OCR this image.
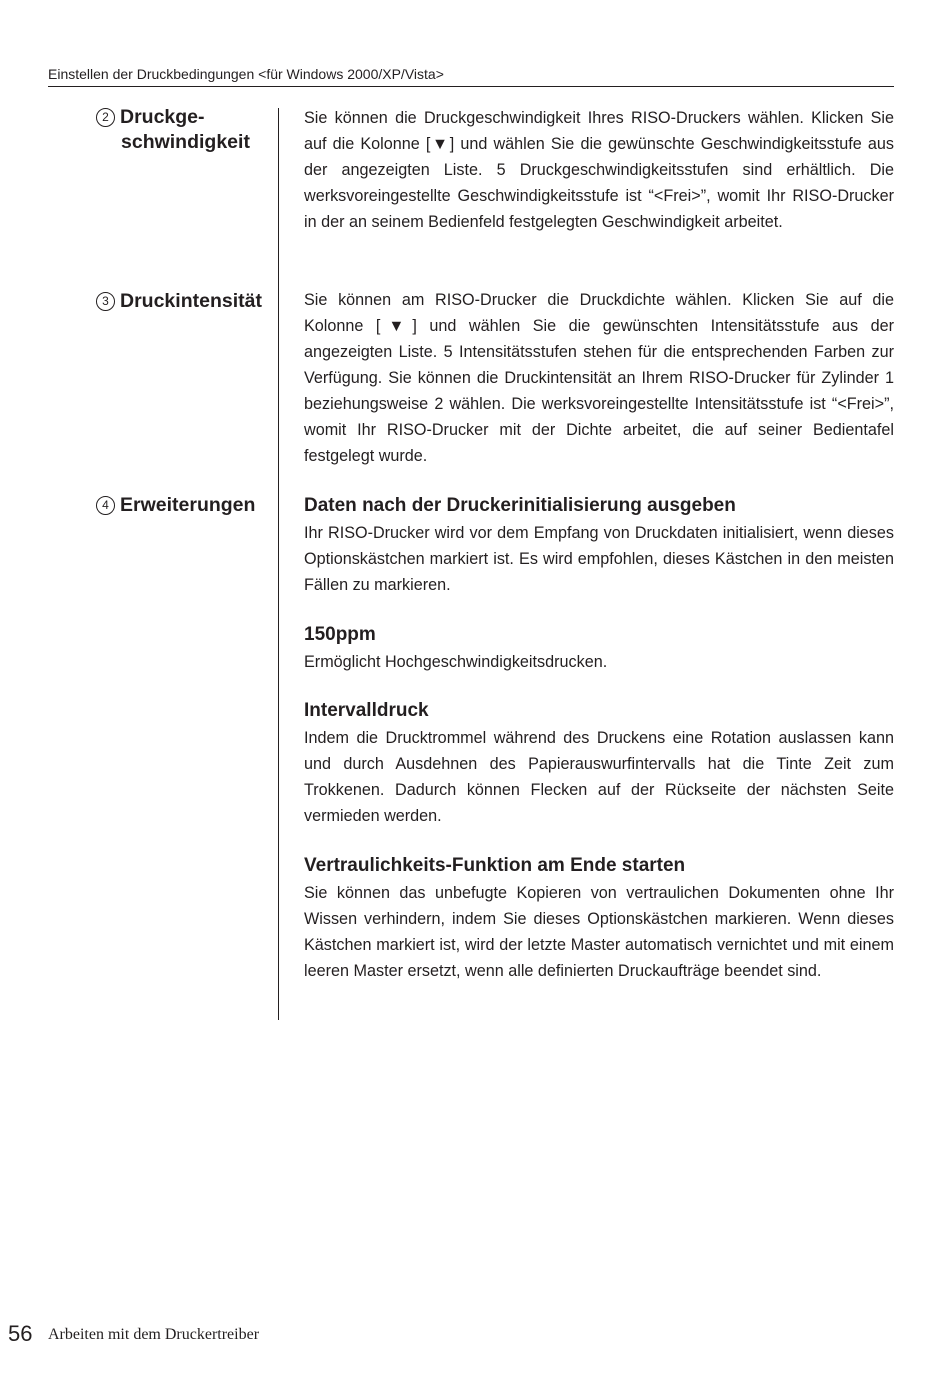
Einstellen der Druckbedingungen <für Windows 2000/XP/Vista>
2 Druckge-
schwindigkeit

Sie können die Druckgeschwindigkeit Ihres RISO-Druckers wählen. Klicken Sie auf die Kolonne [▼] und wählen Sie die gewünschte Geschwindigkeitsstufe aus der angezeigten Liste. 5 Druckgeschwindigkeitsstufen sind erhältlich. Die werksvoreingestellte Geschwindigkeitsstufe ist “<Frei>”, womit Ihr RISO-Drucker in der an seinem Bedienfeld festgelegten Geschwindigkeit arbeitet.

3 Druckintensität	Sie können am RISO-Drucker die Druckdichte wählen. Klicken Sie auf die Kolonne [▼] und wählen Sie die gewünschten Intensitätsstufe aus der angezeigten Liste. 5 Intensitätsstufen stehen für die entsprechenden Farben zur Verfügung. Sie können die Druckintensität an Ihrem RISO-Drucker für Zylinder 1 beziehungsweise 2 wählen. Die werksvoreingestellte Intensitätsstufe ist “<Frei>”, womit Ihr RISO-Drucker mit der Dichte arbeitet, die auf seiner Bedientafel festgelegt wurde.

4 Erweiterungen	Daten nach der Druckerinitialisierung ausgeben

Ihr RISO-Drucker wird vor dem Empfang von Druckdaten initialisiert, wenn dieses Optionskästchen markiert ist. Es wird empfohlen, dieses Kästchen in den meisten Fällen zu markieren.

150ppm

Ermöglicht Hochgeschwindigkeitsdrucken.

Intervalldruck

Indem die Drucktrommel während des Druckens eine Rotation auslassen kann und durch Ausdehnen des Papierauswurfintervalls hat die Tinte Zeit zum Trokkenen. Dadurch können Flecken auf der Rückseite der nächsten Seite vermieden werden.

Vertraulichkeits-Funktion am Ende starten

Sie können das unbefugte Kopieren von vertraulichen Dokumenten ohne Ihr Wissen verhindern, indem Sie dieses Optionskästchen markieren. Wenn dieses Kästchen markiert ist, wird der letzte Master automatisch vernichtet und mit einem leeren Master ersetzt, wenn alle definierten Druckaufträge beendet sind.

56 Arbeiten mit dem Druckertreiber
